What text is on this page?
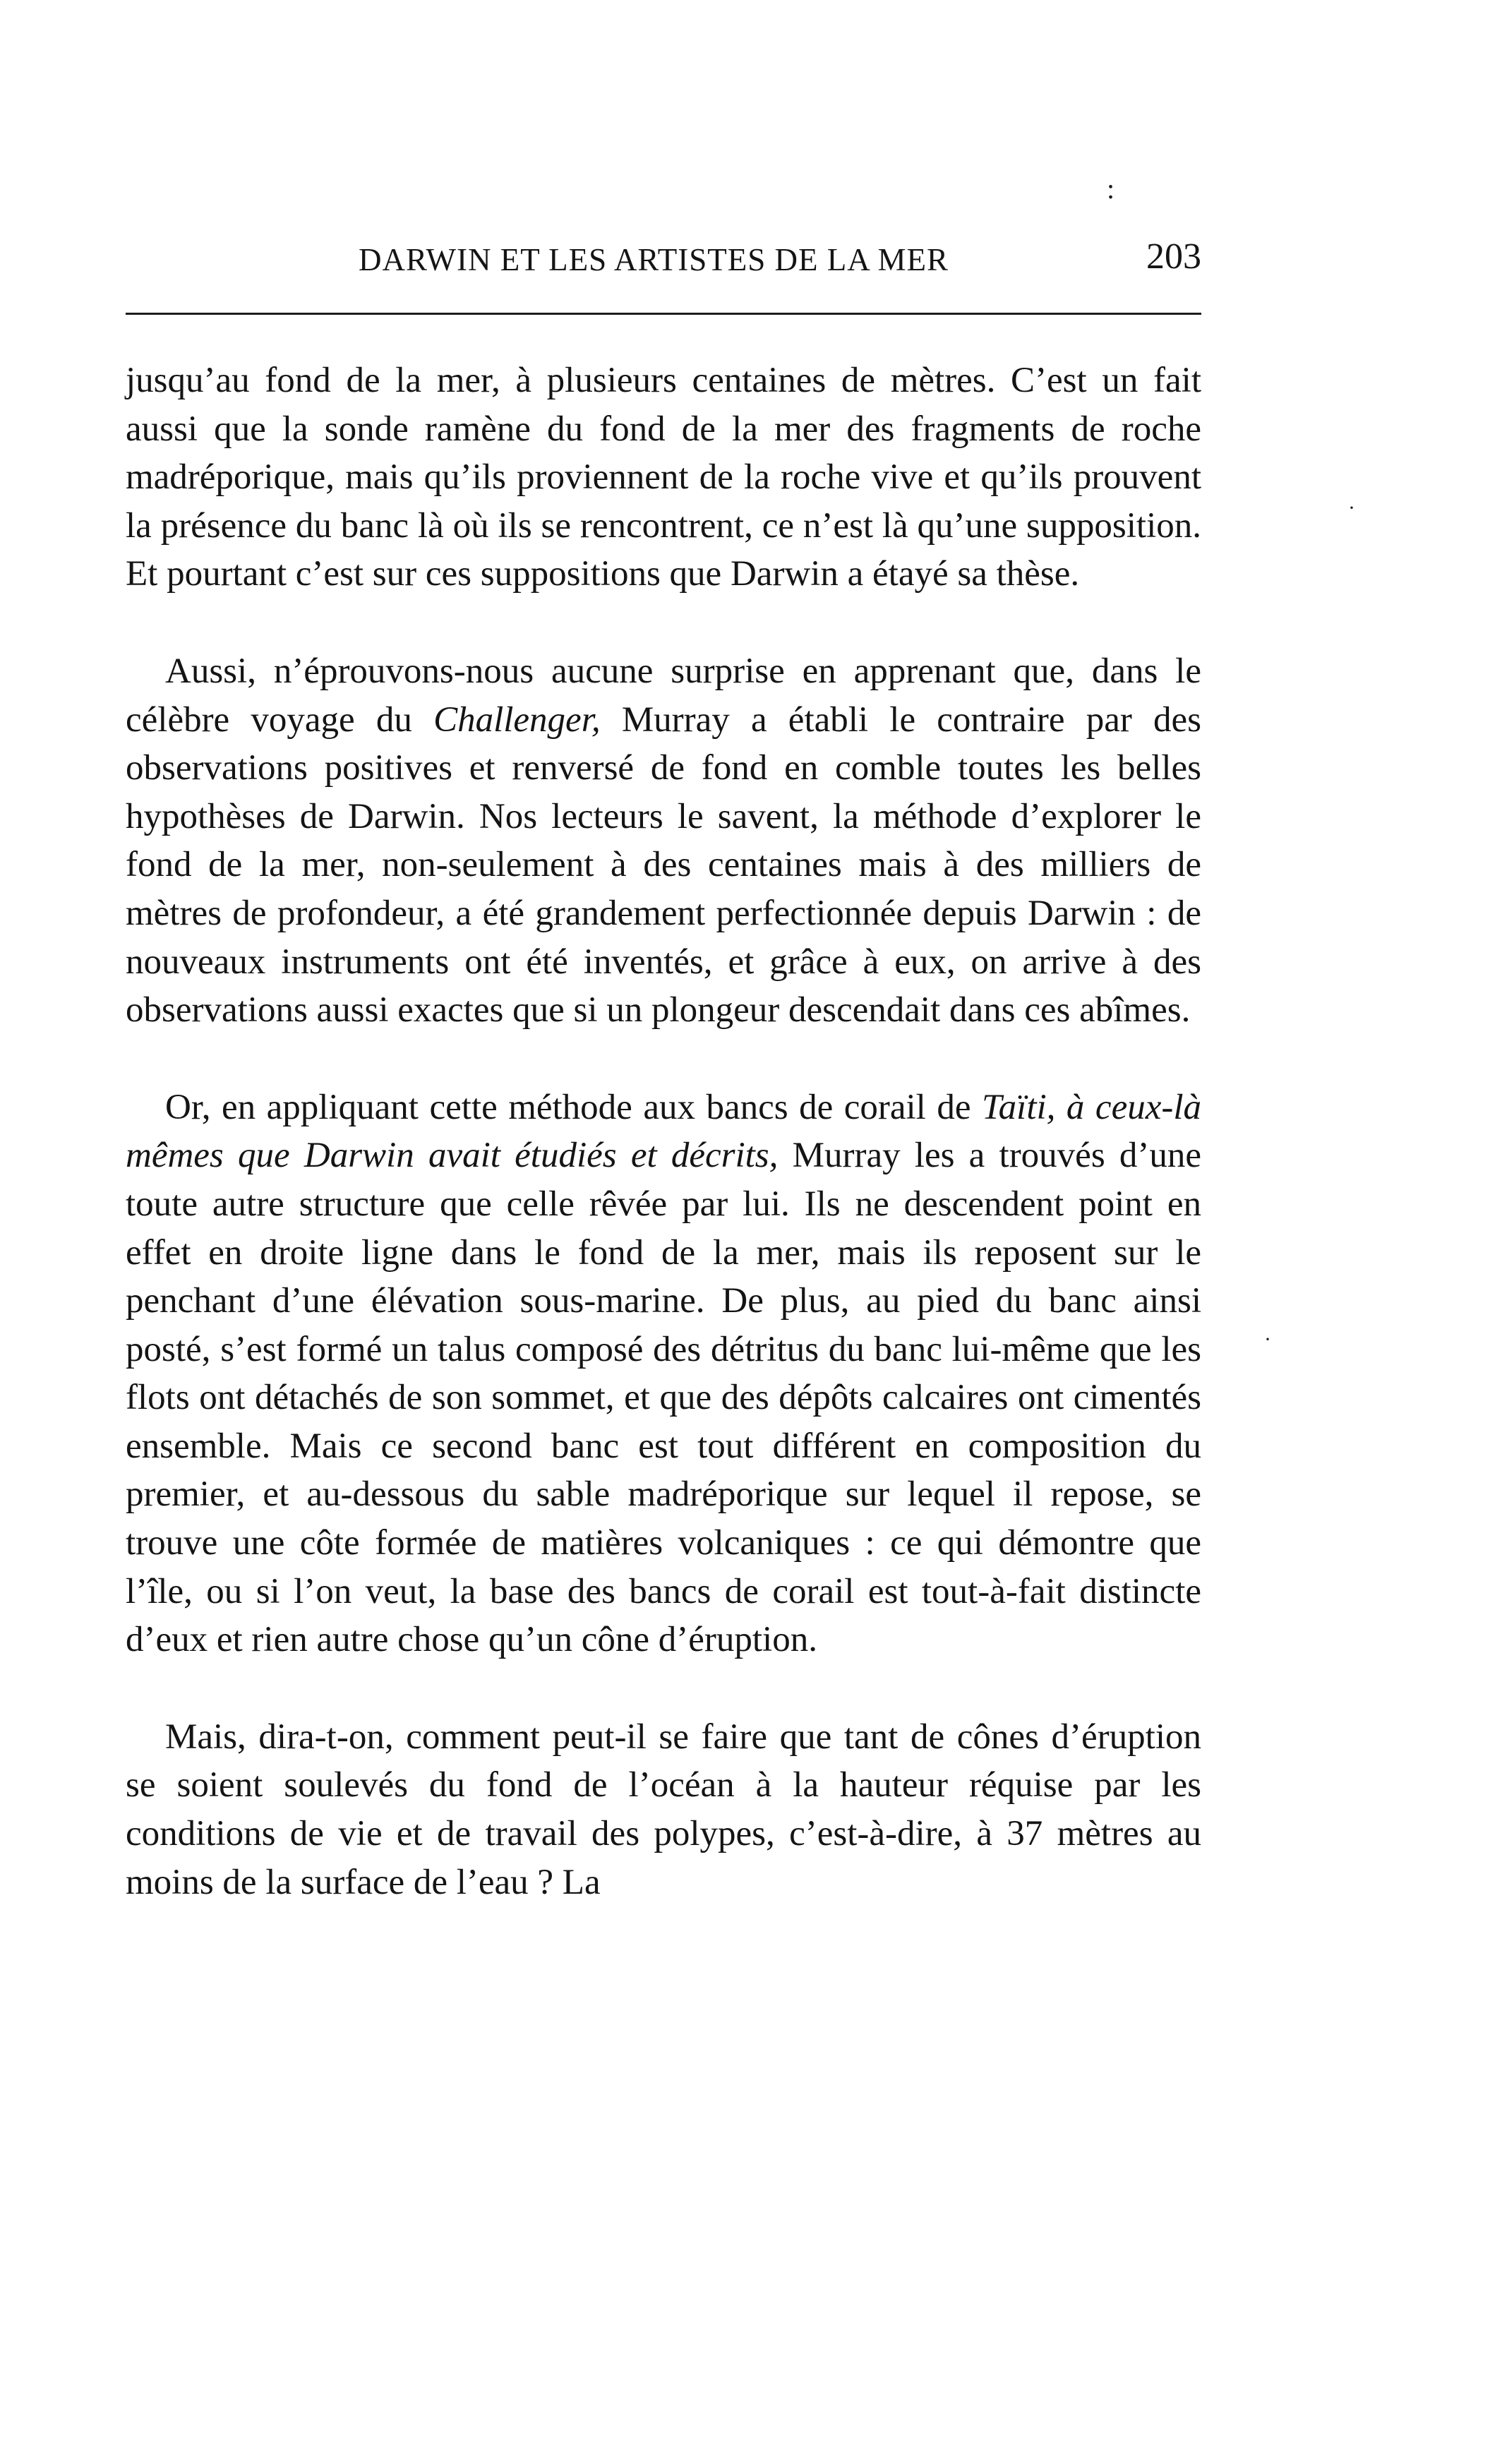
:
·
·
DARWIN ET LES ARTISTES DE LA MER	203

jusqu’au fond de la mer, à plusieurs centaines de mètres. C’est un fait aussi que la sonde ramène du fond de la mer des fragments de roche madréporique, mais qu’ils proviennent de la roche vive et qu’ils prouvent la présence du banc là où ils se rencontrent, ce n’est là qu’une supposition. Et pourtant c’est sur ces suppositions que Darwin a étayé sa thèse.

Aussi, n’éprouvons-nous aucune surprise en apprenant que, dans le célèbre voyage du Challenger, Murray a établi le contraire par des observations positives et renversé de fond en comble toutes les belles hypothèses de Darwin. Nos lecteurs le savent, la méthode d’explorer le fond de la mer, non-seulement à des centaines mais à des milliers de mètres de profondeur, a été grandement perfectionnée depuis Darwin : de nouveaux instruments ont été inventés, et grâce à eux, on arrive à des observations aussi exactes que si un plongeur descendait dans ces abîmes.

Or, en appliquant cette méthode aux bancs de corail de Taïti, à ceux-là mêmes que Darwin avait étudiés et décrits, Murray les a trouvés d’une toute autre structure que celle rêvée par lui. Ils ne descendent point en effet en droite ligne dans le fond de la mer, mais ils reposent sur le penchant d’une élévation sous-marine. De plus, au pied du banc ainsi posté, s’est formé un talus composé des détritus du banc lui-même que les flots ont détachés de son sommet, et que des dépôts calcaires ont cimentés ensemble. Mais ce second banc est tout différent en composition du premier, et au-dessous du sable madréporique sur lequel il repose, se trouve une côte formée de matières volcaniques : ce qui démontre que l’île, ou si l’on veut, la base des bancs de corail est tout-à-fait distincte d’eux et rien autre chose qu’un cône d’éruption.

Mais, dira-t-on, comment peut-il se faire que tant de cônes d’éruption se soient soulevés du fond de l’océan à la hauteur réquise par les conditions de vie et de travail des polypes, c’est-à-dire, à 37 mètres au moins de la surface de l’eau ? La
